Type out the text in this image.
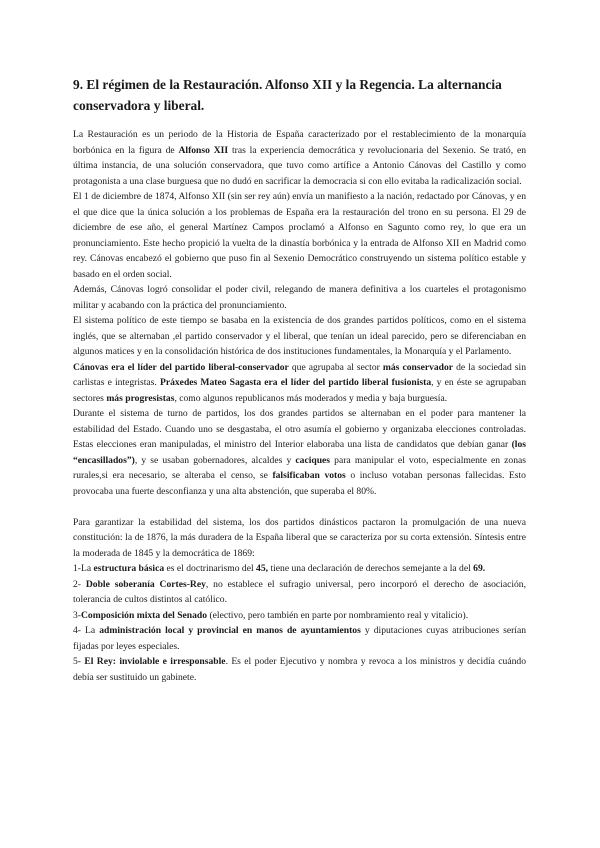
9. El régimen de la Restauración. Alfonso XII y la Regencia. La alternancia conservadora y liberal.

La Restauración es un periodo de la Historia de España caracterizado por el restablecimiento de la monarquía borbónica en la figura de Alfonso XII tras la experiencia democrática y revolucionaria del Sexenio. Se trató, en última instancia, de una solución conservadora, que tuvo como artífice a Antonio Cánovas del Castillo y como protagonista a una clase burguesa que no dudó en sacrificar la democracia si con ello evitaba la radicalización social.

El 1 de diciembre de 1874, Alfonso XII (sin ser rey aún) envía un manifiesto a la nación, redactado por Cánovas, y en el que dice que la única solución a los problemas de España era la restauración del trono en su persona. El 29 de diciembre de ese año, el general Martínez Campos proclamó a Alfonso en Sagunto como rey, lo que era un pronunciamiento. Este hecho propició la vuelta de la dinastía borbónica y la entrada de Alfonso XII en Madrid como rey. Cánovas encabezó el gobierno que puso fin al Sexenio Democrático construyendo un sistema político estable y basado en el orden social.

Además, Cánovas logró consolidar el poder civil, relegando de manera definitiva a los cuarteles el protagonismo militar y acabando con la práctica del pronunciamiento.

El sistema político de este tiempo se basaba en la existencia de dos grandes partidos políticos, como en el sistema inglés, que se alternaban ,el partido conservador y el liberal, que tenían un ideal parecido, pero se diferenciaban en algunos matices y en la consolidación histórica de dos instituciones fundamentales, la Monarquía y el Parlamento.

Cánovas era el líder del partido liberal-conservador que agrupaba al sector más conservador de la sociedad sin carlistas e integristas. Práxedes Mateo Sagasta era el líder del partido liberal fusionista, y en éste se agrupaban sectores más progresistas, como algunos republicanos más moderados y media y baja burguesía.

Durante el sistema de turno de partidos, los dos grandes partidos se alternaban en el poder para mantener la estabilidad del Estado. Cuando uno se desgastaba, el otro asumía el gobierno y organizaba elecciones controladas. Estas elecciones eran manipuladas, el ministro del Interior elaboraba una lista de candidatos que debían ganar (los “encasillados”), y se usaban gobernadores, alcaldes y caciques para manipular el voto, especialmente en zonas rurales,si era necesario, se alteraba el censo, se falsificaban votos o incluso votaban personas fallecidas. Esto provocaba una fuerte desconfianza y una alta abstención, que superaba el 80%.

Para garantizar la estabilidad del sistema, los dos partidos dinásticos pactaron la promulgación de una nueva constitución: la de 1876, la más duradera de la España liberal que se caracteriza por su corta extensión. Síntesis entre la moderada de 1845 y la democrática de 1869:

1-La estructura básica es el doctrinarismo del 45, tiene una declaración de derechos semejante a la del 69.

2- Doble soberanía Cortes-Rey, no establece el sufragio universal, pero incorporó el derecho de asociación, tolerancia de cultos distintos al católico.

3-Composición mixta del Senado (electivo, pero también en parte por nombramiento real y vitalicio).

4- La administración local y provincial en manos de ayuntamientos y diputaciones cuyas atribuciones serían fijadas por leyes especiales.

5- El Rey: inviolable e irresponsable. Es el poder Ejecutivo y nombra y revoca a los ministros y decidía cuándo debía ser sustituido un gabinete.
